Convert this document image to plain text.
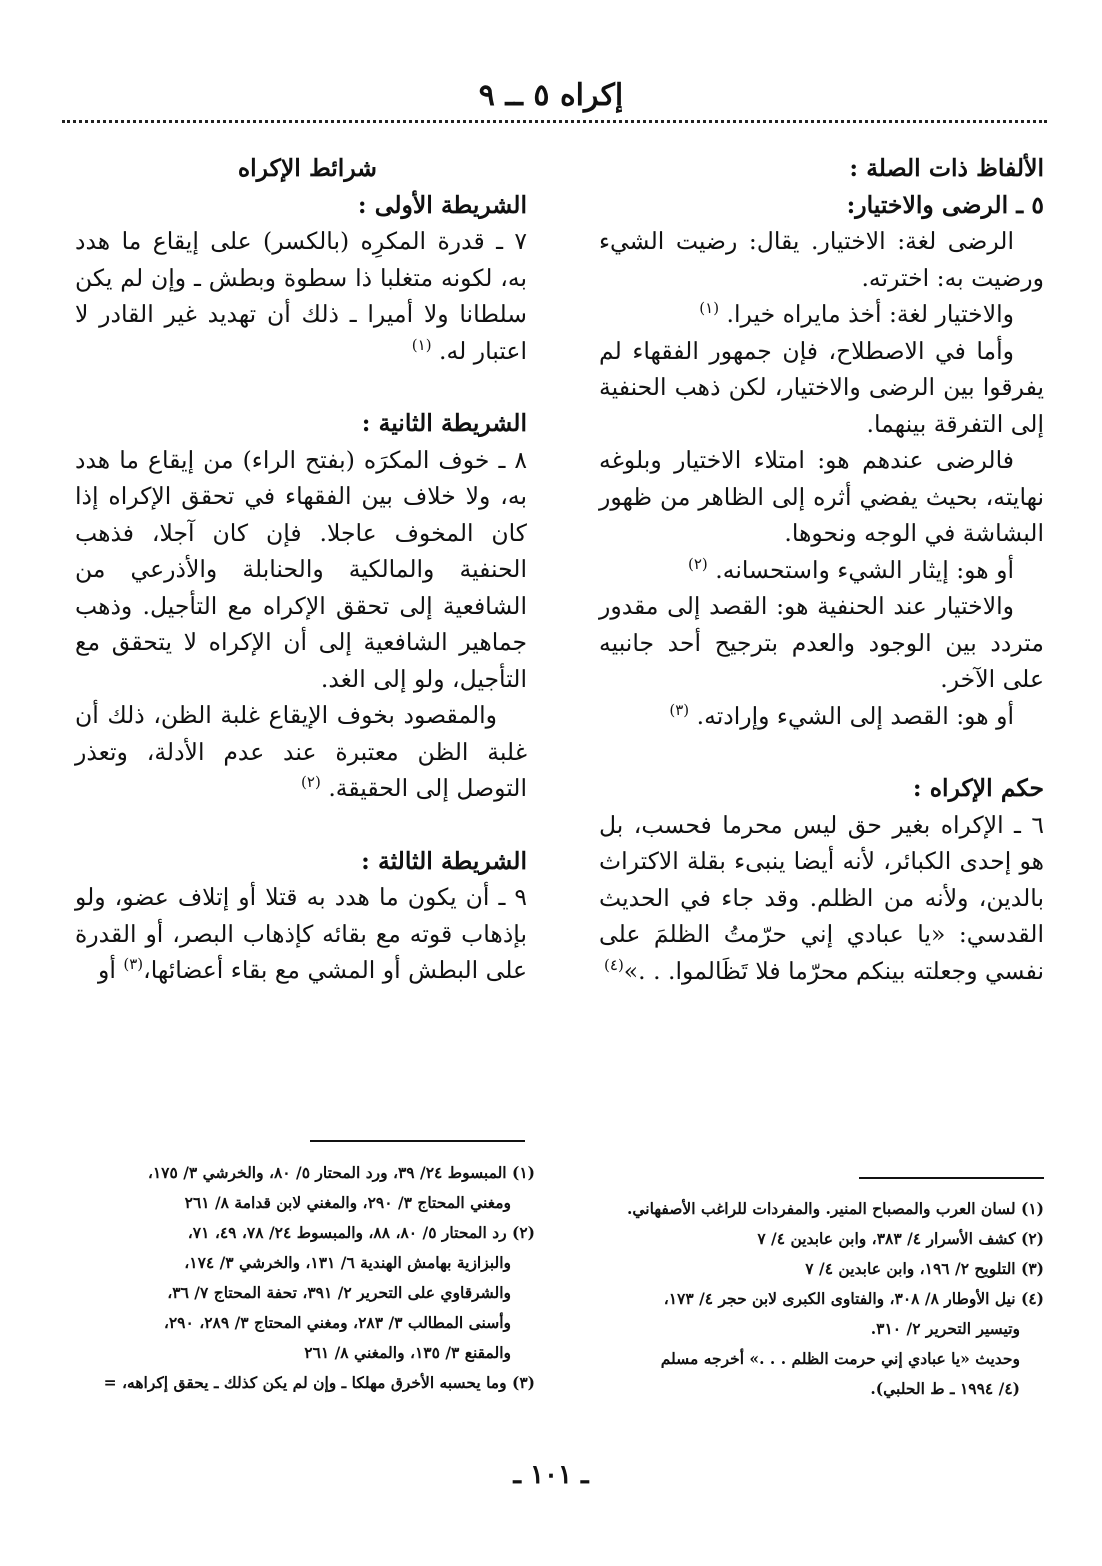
إكراه ٥ ــ ٩

الألفاظ ذات الصلة :

٥ ـ الرضى والاختيار:

الرضى لغة: الاختيار. يقال: رضيت الشيء ورضيت به: اخترته.

والاختيار لغة: أخذ مايراه خيرا. $^{(١)}$

وأما في الاصطلاح، فإن جمهور الفقهاء لم يفرقوا بين الرضى والاختيار، لكن ذهب الحنفية إلى التفرقة بينهما.

فالرضى عندهم هو: امتلاء الاختيار وبلوغه نهايته، بحيث يفضي أثره إلى الظاهر من ظهور البشاشة في الوجه ونحوها.

أو هو: إيثار الشيء واستحسانه. $^{(٢)}$

والاختيار عند الحنفية هو: القصد إلى مقدور متردد بين الوجود والعدم بترجيح أحد جانبيه على الآخر.

أو هو: القصد إلى الشيء وإرادته. $^{(٣)}$

حكم الإكراه :

٦ ـ الإكراه بغير حق ليس محرما فحسب، بل هو إحدى الكبائر، لأنه أيضا ينبىء بقلة الاكتراث بالدين، ولأنه من الظلم. وقد جاء في الحديث القدسي: «يا عبادي إني حرّمتُ الظلمَ على نفسي وجعلته بينكم محرّما فلا تَظَالموا. . .»$^{(٤)}$

شرائط الإكراه

الشريطة الأولى :

٧ ـ قدرة المكرِه (بالكسر) على إيقاع ما هدد به، لكونه متغلبا ذا سطوة وبطش ـ وإن لم يكن سلطانا ولا أميرا ـ ذلك أن تهديد غير القادر لا اعتبار له. $^{(١)}$

الشريطة الثانية :

٨ ـ خوف المكرَه (بفتح الراء) من إيقاع ما هدد به، ولا خلاف بين الفقهاء في تحقق الإكراه إذا كان المخوف عاجلا. فإن كان آجلا، فذهب الحنفية والمالكية والحنابلة والأذرعي من الشافعية إلى تحقق الإكراه مع التأجيل. وذهب جماهير الشافعية إلى أن الإكراه لا يتحقق مع التأجيل، ولو إلى الغد.

والمقصود بخوف الإيقاع غلبة الظن، ذلك أن غلبة الظن معتبرة عند عدم الأدلة، وتعذر التوصل إلى الحقيقة. $^{(٢)}$

الشريطة الثالثة :

٩ ـ أن يكون ما هدد به قتلا أو إتلاف عضو، ولو بإذهاب قوته مع بقائه كإذهاب البصر، أو القدرة على البطش أو المشي مع بقاء أعضائها،$^{(٣)}$ أو

(١) لسان العرب والمصباح المنير. والمفردات للراغب الأصفهاني.
(٢) كشف الأسرار ٤/ ٣٨٣، وابن عابدين ٤/ ٧
(٣) التلويح ٢/ ١٩٦، وابن عابدين ٤/ ٧
(٤) نيل الأوطار ٨/ ٣٠٨، والفتاوى الكبرى لابن حجر ٤/ ١٧٣،
وتيسير التحرير ٢/ ٣١٠.
وحديث «يا عبادي إني حرمت الظلم . . .» أخرجه مسلم
(٤/ ١٩٩٤ ـ ط الحلبي).
(١) المبسوط ٢٤/ ٣٩، ورد المحتار ٥/ ٨٠، والخرشي ٣/ ١٧٥،
ومغني المحتاج ٣/ ٢٩٠، والمغني لابن قدامة ٨/ ٢٦١
(٢) رد المحتار ٥/ ٨٠، ٨٨، والمبسوط ٢٤/ ٧٨، ٤٩، ٧١،
والبزازية بهامش الهندية ٦/ ١٣١، والخرشي ٣/ ١٧٤،
والشرقاوي على التحرير ٢/ ٣٩١، تحفة المحتاج ٧/ ٣٦،
وأسنى المطالب ٣/ ٢٨٣، ومغني المحتاج ٣/ ٢٨٩، ٢٩٠،
والمقنع ٣/ ١٣٥، والمغني ٨/ ٢٦١
(٣) وما يحسبه الأخرق مهلكا ـ وإن لم يكن كذلك ـ يحقق إكراهه، =
ـ ١٠١ ـ
